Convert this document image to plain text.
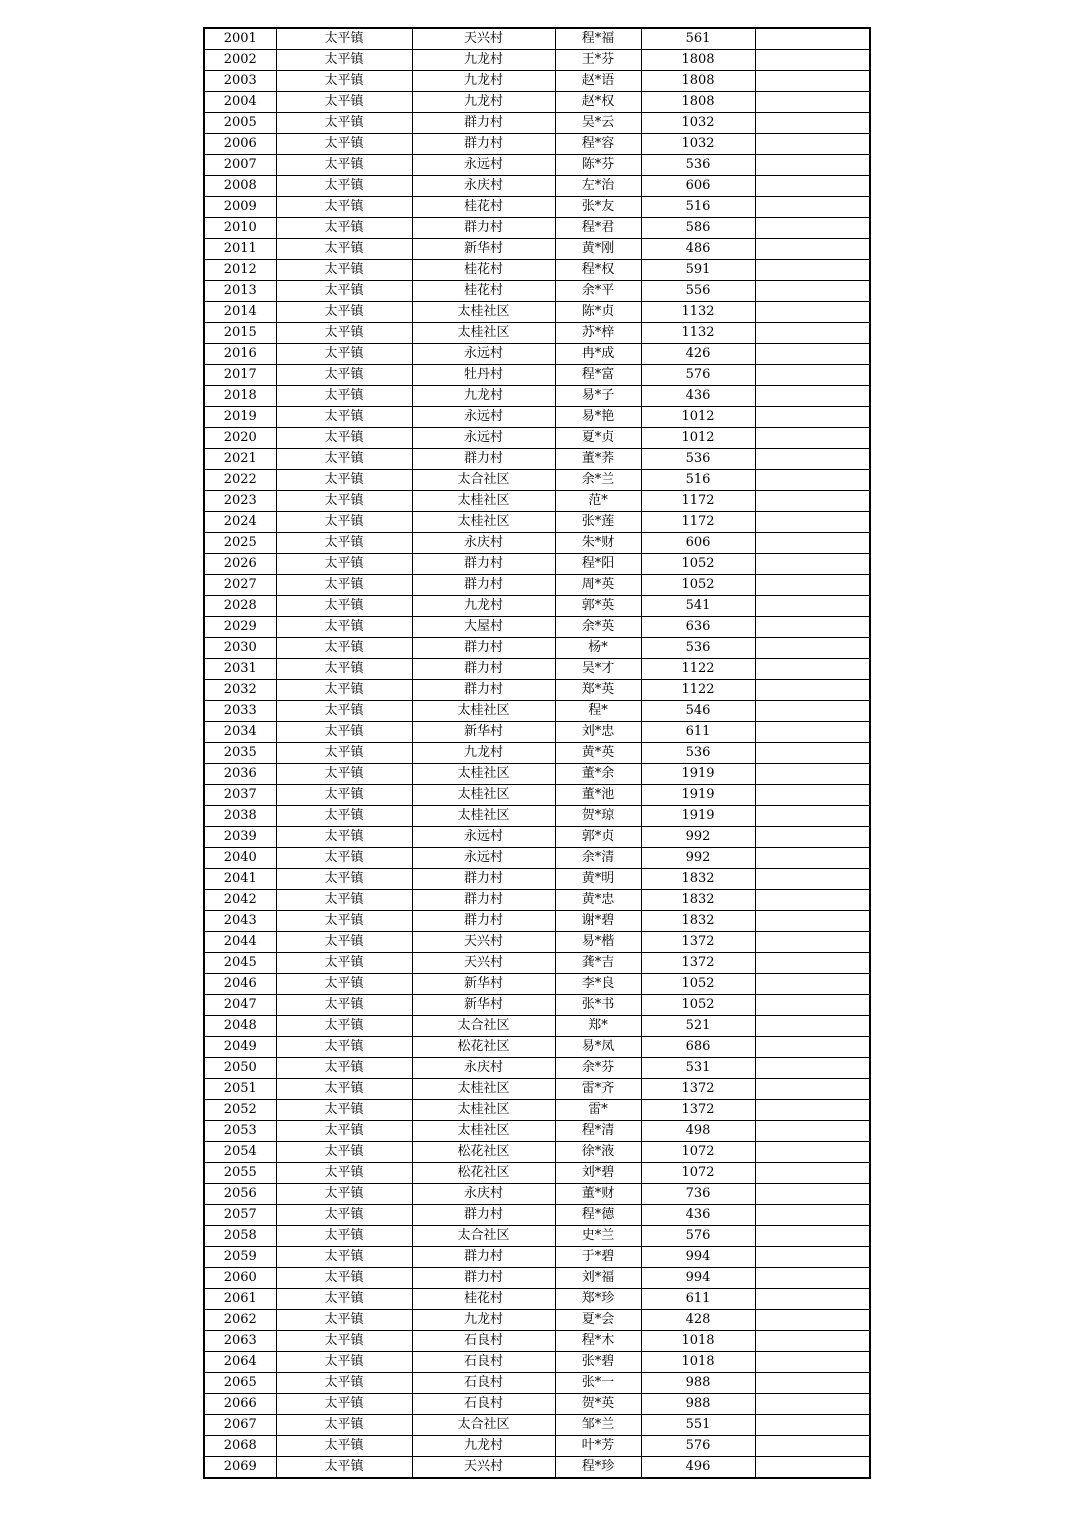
2001	太平镇	天兴村	程*福	561	
2002	太平镇	九龙村	王*芬	1808	
2003	太平镇	九龙村	赵*语	1808	
2004	太平镇	九龙村	赵*权	1808	
2005	太平镇	群力村	吴*云	1032	
2006	太平镇	群力村	程*容	1032	
2007	太平镇	永远村	陈*芬	536	
2008	太平镇	永庆村	左*治	606	
2009	太平镇	桂花村	张*友	516	
2010	太平镇	群力村	程*君	586	
2011	太平镇	新华村	黄*刚	486	
2012	太平镇	桂花村	程*权	591	
2013	太平镇	桂花村	余*平	556	
2014	太平镇	太桂社区	陈*贞	1132	
2015	太平镇	太桂社区	苏*梓	1132	
2016	太平镇	永远村	冉*成	426	
2017	太平镇	牡丹村	程*富	576	
2018	太平镇	九龙村	易*子	436	
2019	太平镇	永远村	易*艳	1012	
2020	太平镇	永远村	夏*贞	1012	
2021	太平镇	群力村	董*荞	536	
2022	太平镇	太合社区	余*兰	516	
2023	太平镇	太桂社区	范*	1172	
2024	太平镇	太桂社区	张*莲	1172	
2025	太平镇	永庆村	朱*财	606	
2026	太平镇	群力村	程*阳	1052	
2027	太平镇	群力村	周*英	1052	
2028	太平镇	九龙村	郭*英	541	
2029	太平镇	大屋村	余*英	636	
2030	太平镇	群力村	杨*	536	
2031	太平镇	群力村	吴*才	1122	
2032	太平镇	群力村	郑*英	1122	
2033	太平镇	太桂社区	程*	546	
2034	太平镇	新华村	刘*忠	611	
2035	太平镇	九龙村	黄*英	536	
2036	太平镇	太桂社区	董*余	1919	
2037	太平镇	太桂社区	董*池	1919	
2038	太平镇	太桂社区	贺*琼	1919	
2039	太平镇	永远村	郭*贞	992	
2040	太平镇	永远村	余*清	992	
2041	太平镇	群力村	黄*明	1832	
2042	太平镇	群力村	黄*忠	1832	
2043	太平镇	群力村	谢*碧	1832	
2044	太平镇	天兴村	易*楷	1372	
2045	太平镇	天兴村	龚*吉	1372	
2046	太平镇	新华村	李*良	1052	
2047	太平镇	新华村	张*书	1052	
2048	太平镇	太合社区	郑*	521	
2049	太平镇	松花社区	易*凤	686	
2050	太平镇	永庆村	余*芬	531	
2051	太平镇	太桂社区	雷*齐	1372	
2052	太平镇	太桂社区	雷*	1372	
2053	太平镇	太桂社区	程*清	498	
2054	太平镇	松花社区	徐*液	1072	
2055	太平镇	松花社区	刘*碧	1072	
2056	太平镇	永庆村	董*财	736	
2057	太平镇	群力村	程*德	436	
2058	太平镇	太合社区	史*兰	576	
2059	太平镇	群力村	于*碧	994	
2060	太平镇	群力村	刘*福	994	
2061	太平镇	桂花村	郑*珍	611	
2062	太平镇	九龙村	夏*会	428	
2063	太平镇	石良村	程*木	1018	
2064	太平镇	石良村	张*碧	1018	
2065	太平镇	石良村	张*一	988	
2066	太平镇	石良村	贺*英	988	
2067	太平镇	太合社区	邹*兰	551	
2068	太平镇	九龙村	叶*芳	576	
2069	太平镇	天兴村	程*珍	496	
